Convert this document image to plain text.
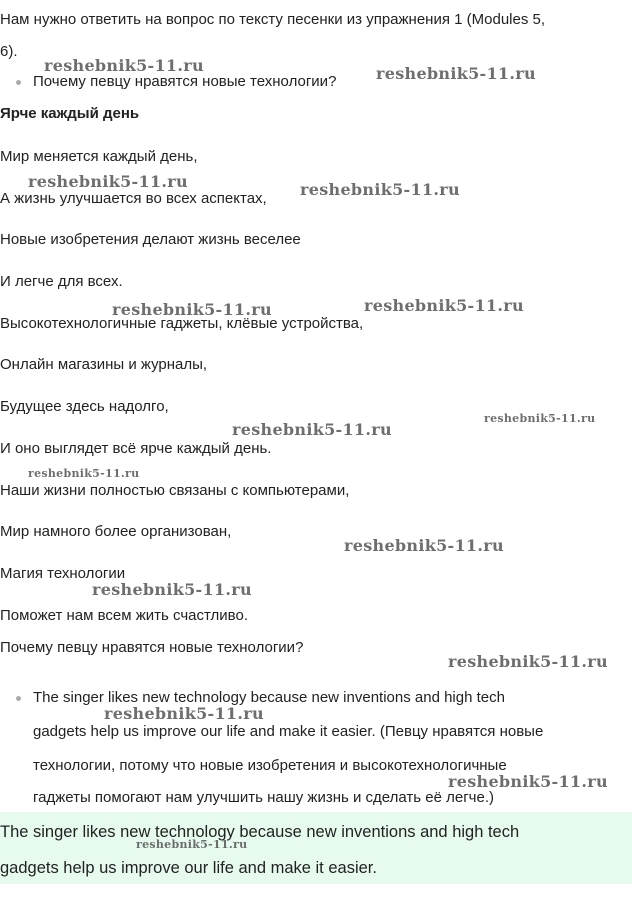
Нам нужно ответить на вопрос по тексту песенки из упражнения 1 (Modules 5,
6).
Почему певцу нравятся новые технологии?
Ярче каждый день
Мир меняется каждый день,
А жизнь улучшается во всех аспектах,
Новые изобретения делают жизнь веселее
И легче для всех.
Высокотехнологичные гаджеты, клёвые устройства,
Онлайн магазины и журналы,
Будущее здесь надолго,
И оно выглядет всё ярче каждый день.
Наши жизни полностью связаны с компьютерами,
Мир намного более организован,
Магия технологии
Поможет нам всем жить счастливо.
Почему певцу нравятся новые технологии?
The singer likes new technology because new inventions and high tech
gadgets help us improve our life and make it easier. (Певцу нравятся новые
технологии, потому что новые изобретения и высокотехнологичные
гаджеты помогают нам улучшить нашу жизнь и сделать её легче.)
The singer likes new technology because new inventions and high tech
gadgets help us improve our life and make it easier.
reshebnik5-11.ru	reshebnik5-11.ru
reshebnik5-11.ru	reshebnik5-11.ru
reshebnik5-11.ru	reshebnik5-11.ru
reshebnik5-11.ru
reshebnik5-11.ru
reshebnik5-11.ru
reshebnik5-11.ru
reshebnik5-11.ru
reshebnik5-11.ru
reshebnik5-11.ru
reshebnik5-11.ru
reshebnik5-11.ru
